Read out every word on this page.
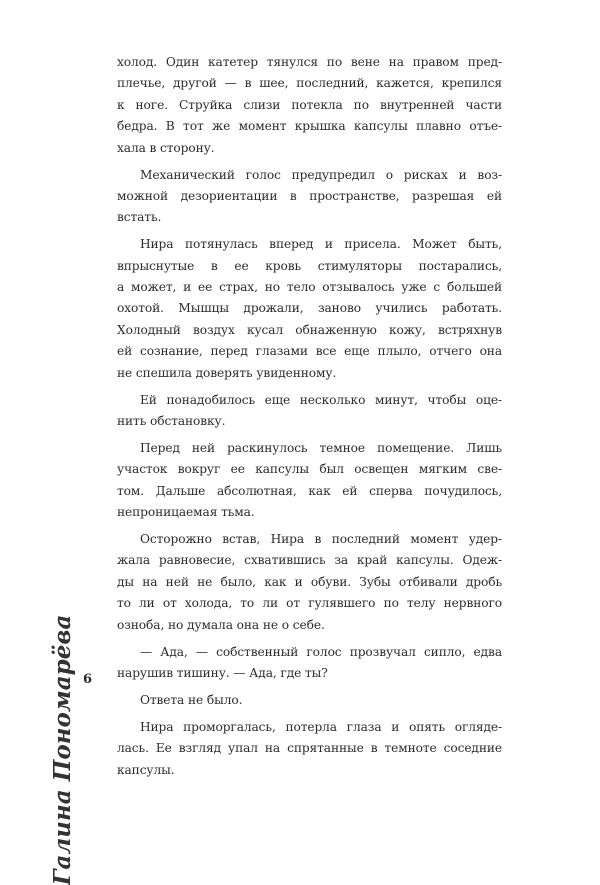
холод. Один катетер тянулся по вене на правом пред-
плечье, другой — в шее, последний, кажется, крепился
к ноге. Струйка слизи потекла по внутренней части
бедра. В тот же момент крышка капсулы плавно отъе-
хала в сторону.

Механический голос предупредил о рисках и воз-
можной дезориентации в пространстве, разрешая ей
встать.

Нира потянулась вперед и присела. Может быть,
впрыснутые в ее кровь стимуляторы постарались,
а может, и ее страх, но тело отзывалось уже с большей
охотой. Мышцы дрожали, заново учились работать.
Холодный воздух кусал обнаженную кожу, встряхнув
ей сознание, перед глазами все еще плыло, отчего она
не спешила доверять увиденному.

Ей понадобилось еще несколько минут, чтобы оце-
нить обстановку.

Перед ней раскинулось темное помещение. Лишь
участок вокруг ее капсулы был освещен мягким све-
том. Дальше абсолютная, как ей сперва почудилось,
непроницаемая тьма.

Осторожно встав, Нира в последний момент удер-
жала равновесие, схватившись за край капсулы. Одеж-
ды на ней не было, как и обуви. Зубы отбивали дробь
то ли от холода, то ли от гулявшего по телу нервного
озноба, но думала она не о себе.

— Ада, — собственный голос прозвучал сипло, едва
нарушив тишину. — Ада, где ты?

Ответа не было.

Нира проморгалась, потерла глаза и опять огляде-
лась. Ее взгляд упал на спрятанные в темноте соседние
капсулы.

Галина Пономарёва 6
